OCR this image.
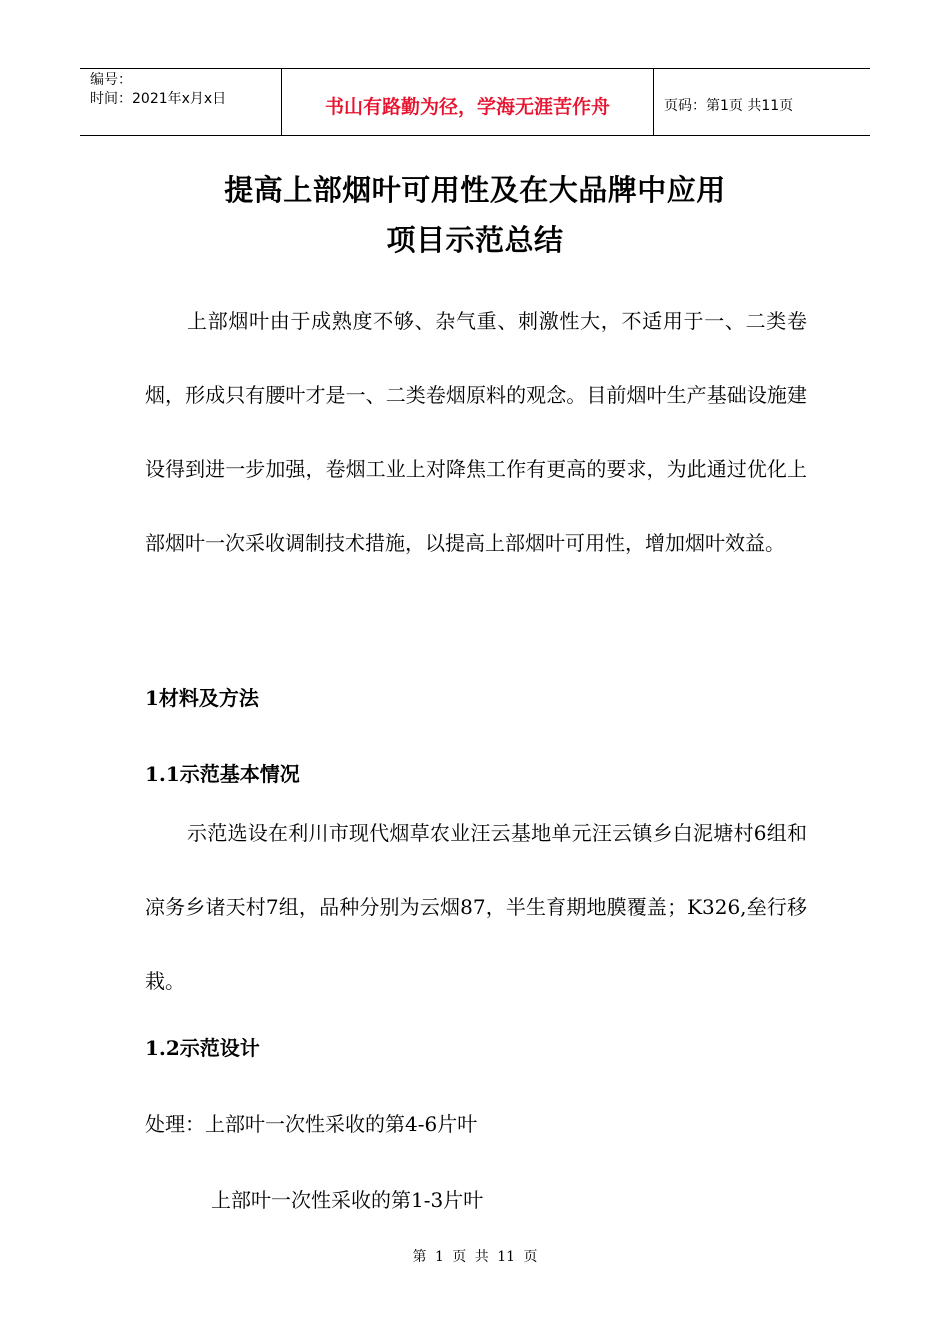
编号：
时间：2021年x月x日	书山有路勤为径，学海无涯苦作舟	页码：第1页 共11页
提高上部烟叶可用性及在大品牌中应用
项目示范总结

上部烟叶由于成熟度不够、杂气重、刺激性大，不适用于一、二类卷烟，形成只有腰叶才是一、二类卷烟原料的观念。目前烟叶生产基础设施建设得到进一步加强，卷烟工业上对降焦工作有更高的要求，为此通过优化上部烟叶一次采收调制技术措施，以提高上部烟叶可用性，增加烟叶效益。

1材料及方法
1.1示范基本情况

示范选设在利川市现代烟草农业汪云基地单元汪云镇乡白泥塘村6组和凉务乡诸天村7组，品种分别为云烟87，半生育期地膜覆盖；K326,垒行移栽。

1.2示范设计
处理：上部叶一次性采收的第4-6片叶
上部叶一次性采收的第1-3片叶
第 1 页 共 11 页
